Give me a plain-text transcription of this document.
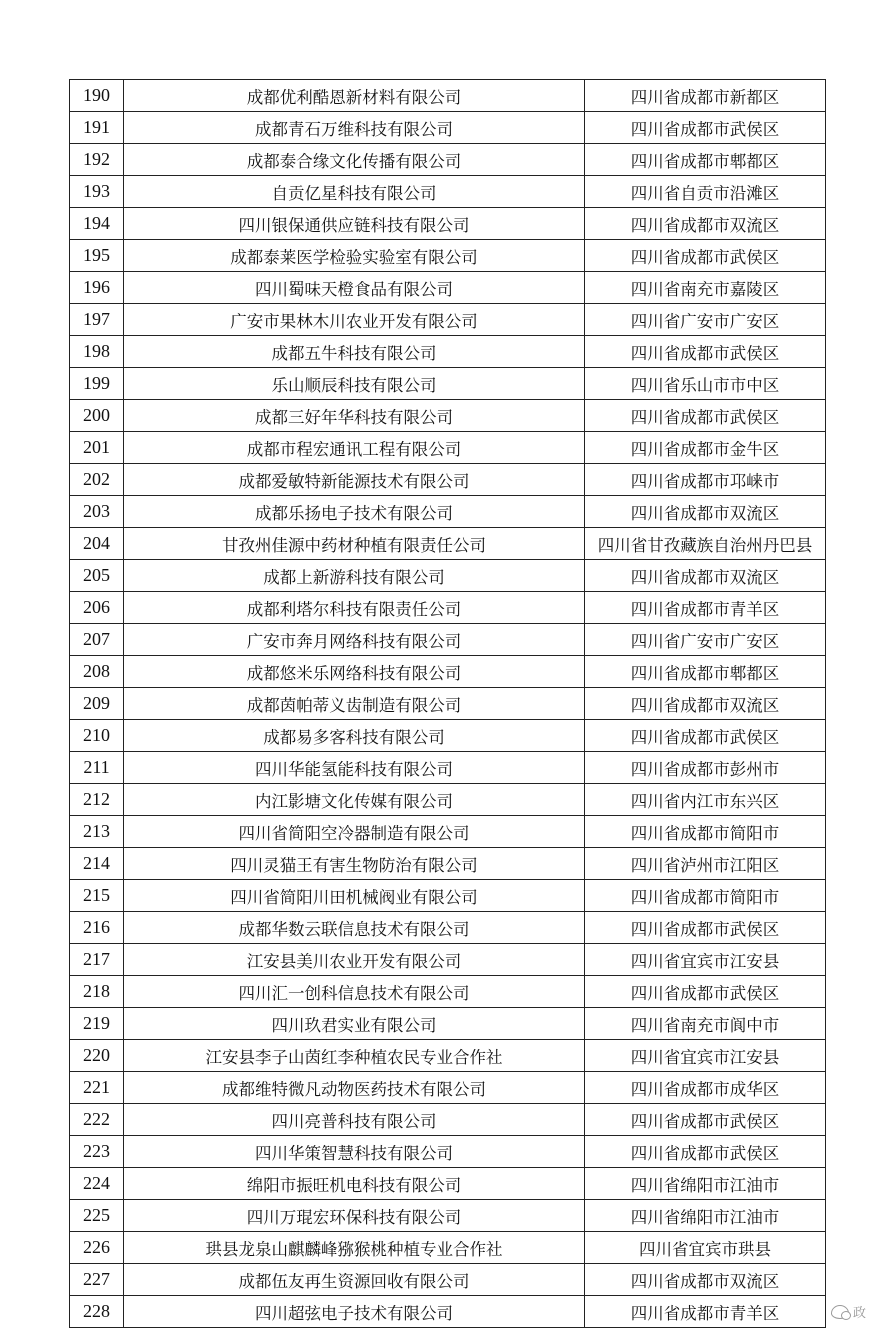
190	成都优利酷恩新材料有限公司	四川省成都市新都区
191	成都青石万维科技有限公司	四川省成都市武侯区
192	成都泰合缘文化传播有限公司	四川省成都市郫都区
193	自贡亿星科技有限公司	四川省自贡市沿滩区
194	四川银保通供应链科技有限公司	四川省成都市双流区
195	成都泰莱医学检验实验室有限公司	四川省成都市武侯区
196	四川蜀味天橙食品有限公司	四川省南充市嘉陵区
197	广安市果林木川农业开发有限公司	四川省广安市广安区
198	成都五牛科技有限公司	四川省成都市武侯区
199	乐山顺辰科技有限公司	四川省乐山市市中区
200	成都三好年华科技有限公司	四川省成都市武侯区
201	成都市程宏通讯工程有限公司	四川省成都市金牛区
202	成都爱敏特新能源技术有限公司	四川省成都市邛崃市
203	成都乐扬电子技术有限公司	四川省成都市双流区
204	甘孜州佳源中药材种植有限责任公司	四川省甘孜藏族自治州丹巴县
205	成都上新游科技有限公司	四川省成都市双流区
206	成都利塔尔科技有限责任公司	四川省成都市青羊区
207	广安市奔月网络科技有限公司	四川省广安市广安区
208	成都悠米乐网络科技有限公司	四川省成都市郫都区
209	成都茵帕蒂义齿制造有限公司	四川省成都市双流区
210	成都易多客科技有限公司	四川省成都市武侯区
211	四川华能氢能科技有限公司	四川省成都市彭州市
212	内江影塘文化传媒有限公司	四川省内江市东兴区
213	四川省简阳空冷器制造有限公司	四川省成都市简阳市
214	四川灵猫王有害生物防治有限公司	四川省泸州市江阳区
215	四川省简阳川田机械阀业有限公司	四川省成都市简阳市
216	成都华数云联信息技术有限公司	四川省成都市武侯区
217	江安县美川农业开发有限公司	四川省宜宾市江安县
218	四川汇一创科信息技术有限公司	四川省成都市武侯区
219	四川玖君实业有限公司	四川省南充市阆中市
220	江安县李子山茵红李种植农民专业合作社	四川省宜宾市江安县
221	成都维特微凡动物医药技术有限公司	四川省成都市成华区
222	四川亮普科技有限公司	四川省成都市武侯区
223	四川华策智慧科技有限公司	四川省成都市武侯区
224	绵阳市振旺机电科技有限公司	四川省绵阳市江油市
225	四川万琨宏环保科技有限公司	四川省绵阳市江油市
226	珙县龙泉山麒麟峰猕猴桃种植专业合作社	四川省宜宾市珙县
227	成都伍友再生资源回收有限公司	四川省成都市双流区
228	四川超弦电子技术有限公司	四川省成都市青羊区	政
